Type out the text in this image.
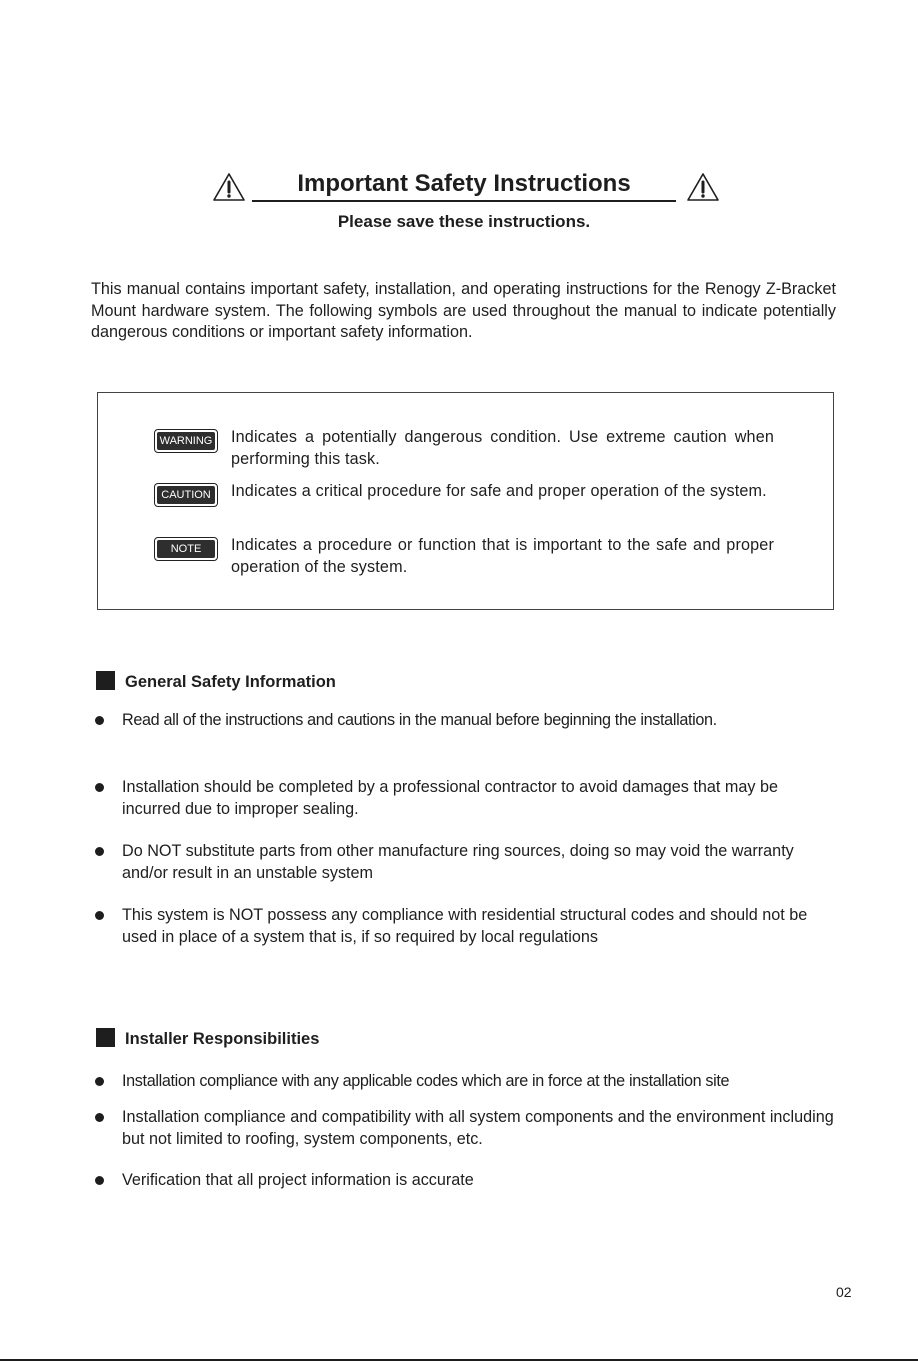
Important Safety Instructions
Please save these instructions.
This manual contains important safety, installation, and operating instructions for the Renogy Z-Bracket Mount hardware system. The following symbols are used throughout the manual to indicate potentially dangerous conditions or important safety information.
WARNING Indicates a potentially dangerous condition. Use extreme caution when performing this task.
CAUTION Indicates a critical procedure for safe and proper operation of the system.
NOTE	Indicates a procedure or function that is important to the safe and proper operation of the system.
General Safety Information
Read all of the instructions and cautions in the manual before beginning the installation.
Installation should be completed by a professional contractor to avoid damages that may be incurred due to improper sealing.
Do NOT substitute parts from other manufacture ring sources, doing so may void the warranty and/or result in an unstable system
This system is NOT possess any compliance with residential structural codes and should not be used in place of a system that is, if so required by local regulations
Installer Responsibilities
Installation compliance with any applicable codes which are in force at the installation site
Installation compliance and compatibility with all system components and the environment including but not limited to roofing, system components, etc.
Verification that all project information is accurate
02
